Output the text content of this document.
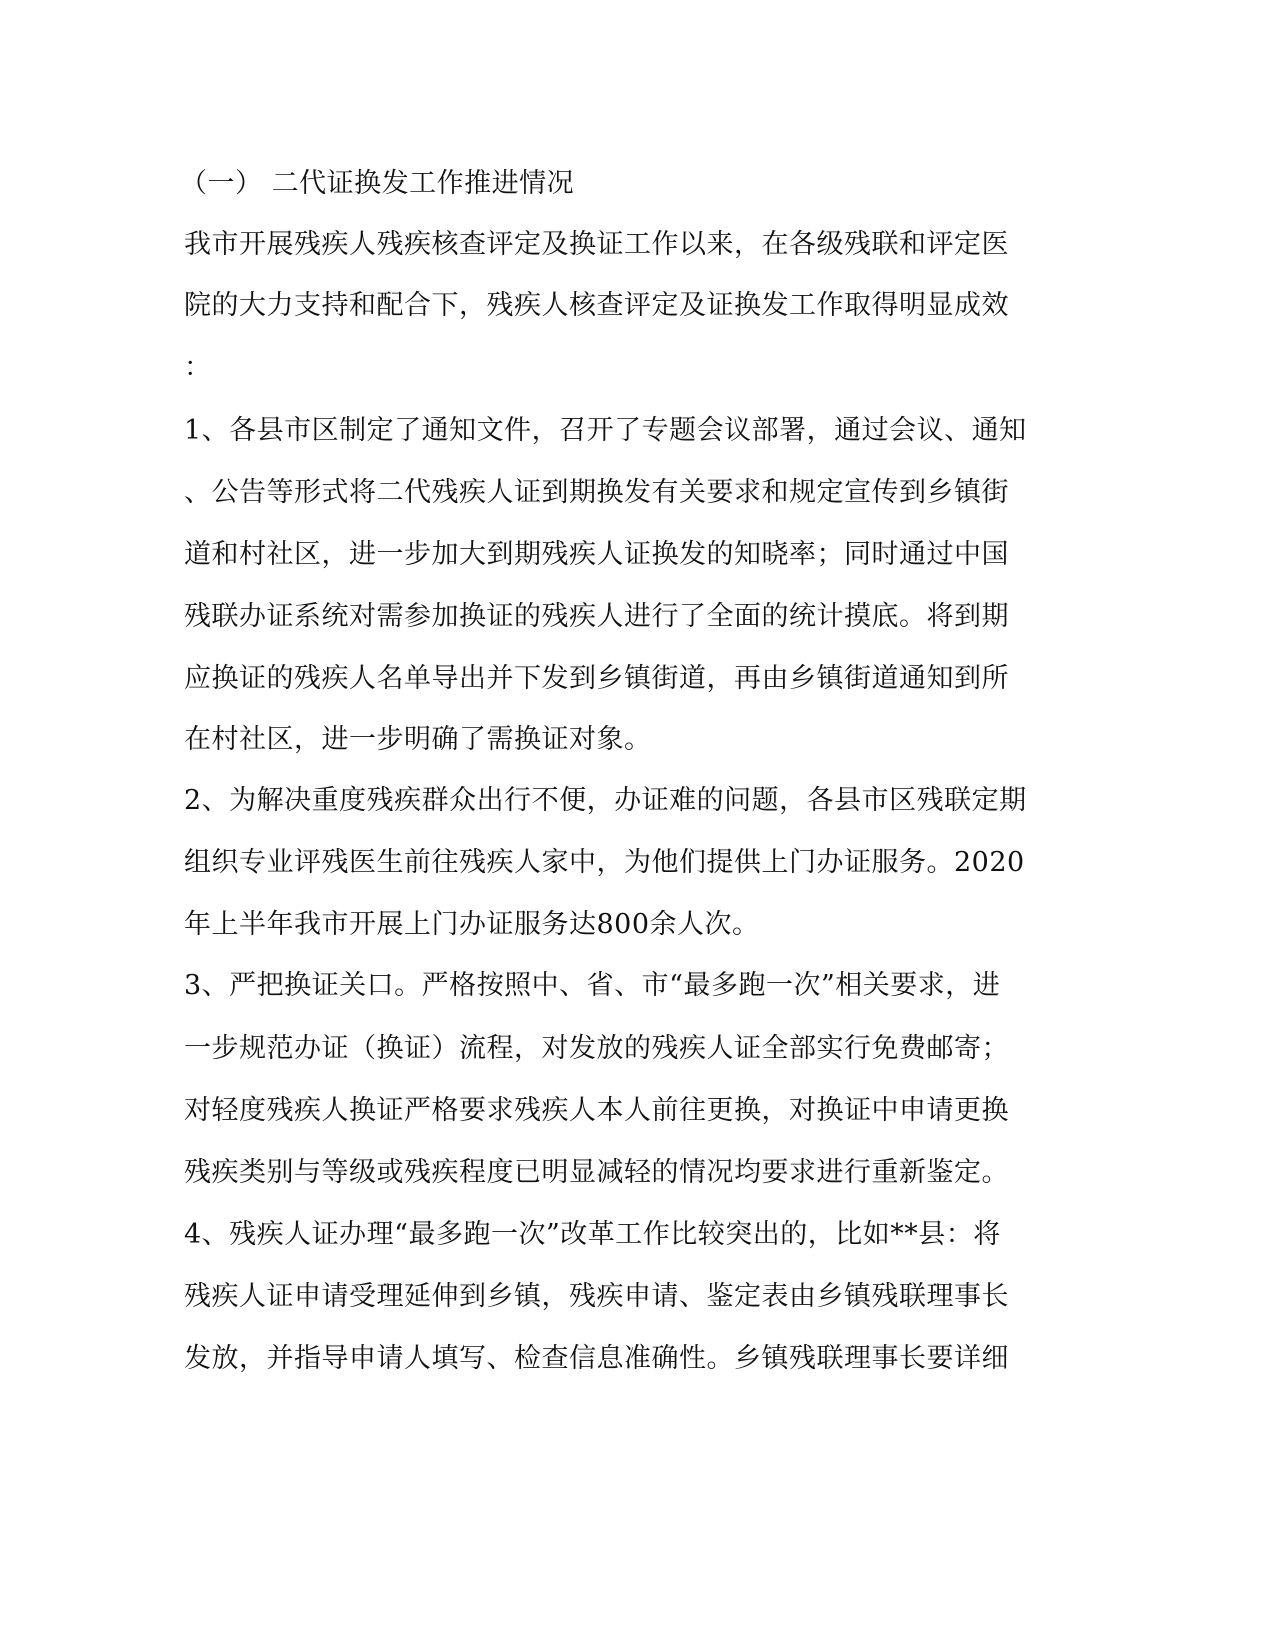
（一） 二代证换发工作推进情况
我市开展残疾人残疾核查评定及换证工作以来，在各级残联和评定医
院的大力支持和配合下，残疾人核查评定及证换发工作取得明显成效
：
1、各县市区制定了通知文件，召开了专题会议部署，通过会议、通知
、公告等形式将二代残疾人证到期换发有关要求和规定宣传到乡镇街
道和村社区，进一步加大到期残疾人证换发的知晓率；同时通过中国
残联办证系统对需参加换证的残疾人进行了全面的统计摸底。将到期
应换证的残疾人名单导出并下发到乡镇街道，再由乡镇街道通知到所
在村社区，进一步明确了需换证对象。
2、为解决重度残疾群众出行不便，办证难的问题，各县市区残联定期
组织专业评残医生前往残疾人家中，为他们提供上门办证服务。2020
年上半年我市开展上门办证服务达800余人次。
3、严把换证关口。严格按照中、省、市“最多跑一次”相关要求，进
一步规范办证（换证）流程，对发放的残疾人证全部实行免费邮寄；
对轻度残疾人换证严格要求残疾人本人前往更换，对换证中申请更换
残疾类别与等级或残疾程度已明显减轻的情况均要求进行重新鉴定。
4、残疾人证办理“最多跑一次”改革工作比较突出的，比如**县：将
残疾人证申请受理延伸到乡镇，残疾申请、鉴定表由乡镇残联理事长
发放，并指导申请人填写、检查信息准确性。乡镇残联理事长要详细
